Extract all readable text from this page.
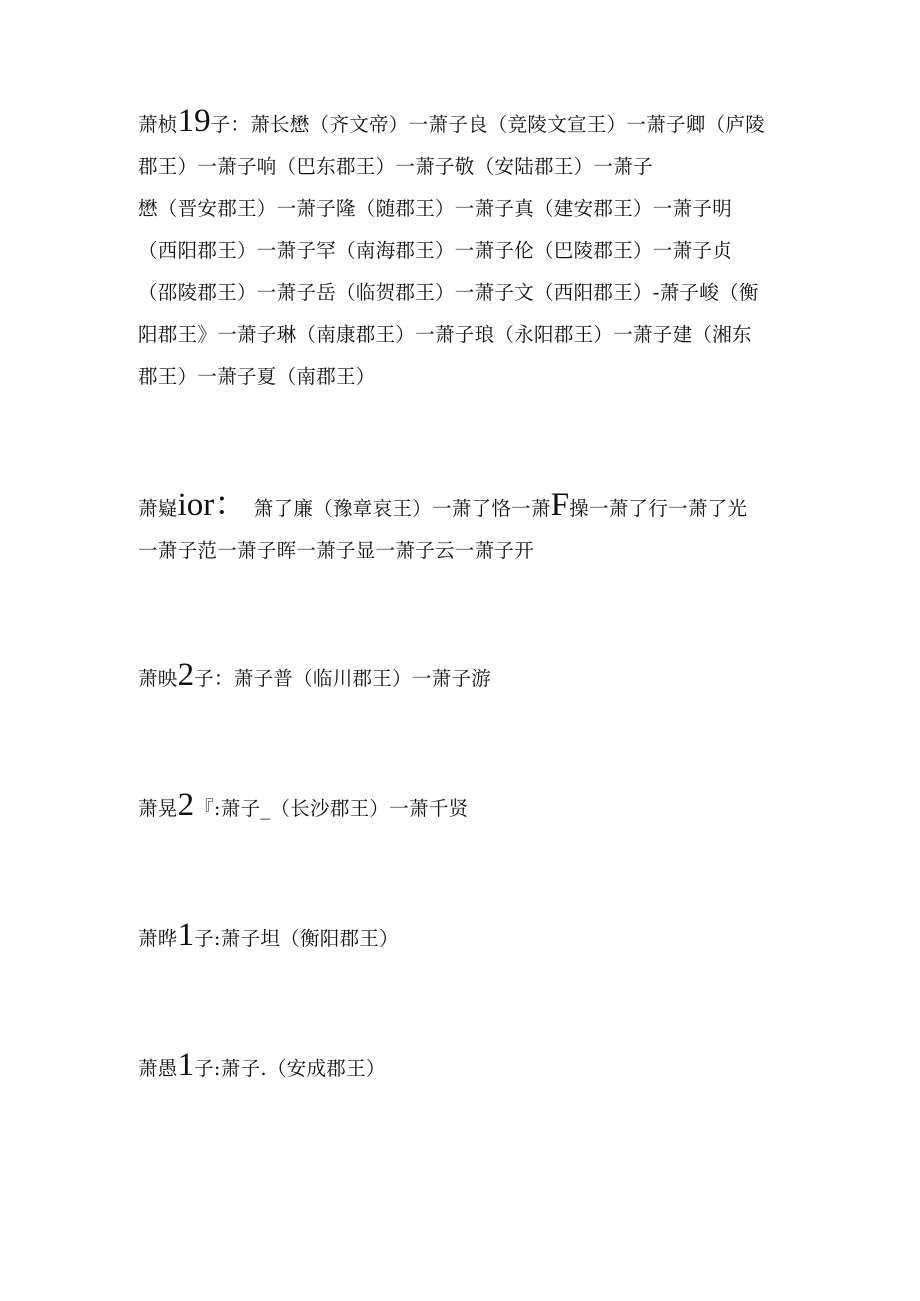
萧桢19子：萧长懋（齐文帝）一萧子良（竞陵文宣王）一萧子卿（庐陵
郡王）一萧子响（巴东郡王）一萧子敬（安陆郡王）一萧子
懋（晋安郡王）一萧子隆（随郡王）一萧子真（建安郡王）一萧子明
（西阳郡王）一萧子罕（南海郡王）一萧子伦（巴陵郡王）一萧子贞
（邵陵郡王）一萧子岳（临贺郡王）一萧子文（西阳郡王）-萧子峻（衡
阳郡王》一萧子琳（南康郡王）一萧子琅（永阳郡王）一萧子建（湘东
郡王）一萧子夏（南郡王）
萧嶷ior： 箫了廉（豫章哀王）一萧了恪一萧F操一萧了行一萧了光
一萧子范一萧子晖一萧子显一萧子云一萧子开
萧映2子：萧子普（临川郡王）一萧子游
萧晃2『:萧子_（长沙郡王）一萧千贤
萧晔1子:萧子坦（衡阳郡王）
萧愚1子:萧子.（安成郡王）
